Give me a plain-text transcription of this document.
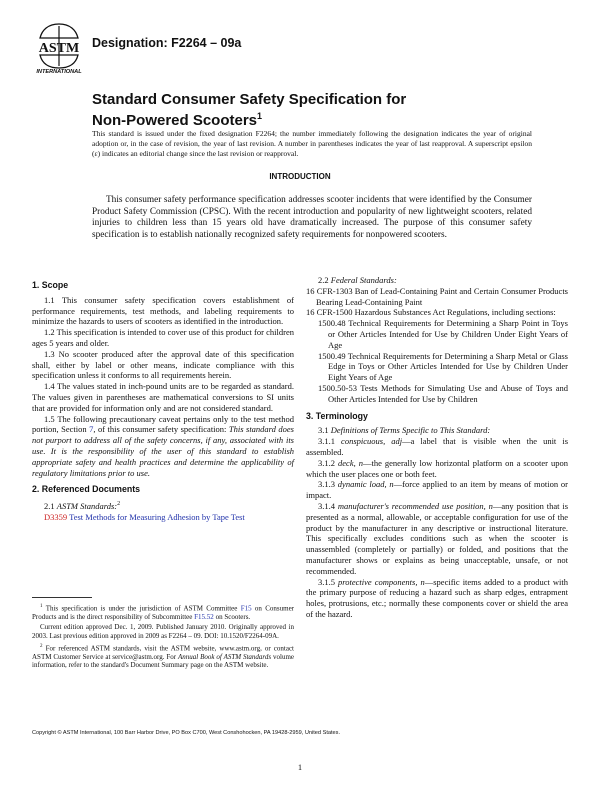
ASTM
INTERNATIONAL
Designation: F2264 – 09a
Standard Consumer Safety Specification for
Non-Powered Scooters$^1$

This standard is issued under the fixed designation F2264; the number immediately following the designation indicates the year of original adoption or, in the case of revision, the year of last revision. A number in parentheses indicates the year of last reapproval. A superscript epsilon (ε) indicates an editorial change since the last revision or reapproval.

INTRODUCTION

This consumer safety performance specification addresses scooter incidents that were identified by the Consumer Product Safety Commission (CPSC). With the recent introduction and popularity of new lightweight scooters, related injuries to children less than 15 years old have dramatically increased. The purpose of this consumer safety specification is to establish nationally recognized safety requirements for nonpowered scooters.

1. Scope

1.1 This consumer safety specification covers establishment of performance requirements, test methods, and labeling requirements to minimize the hazards to users of scooters as identified in the introduction.

1.2 This specification is intended to cover use of this product for children ages 5 years and older.

1.3 No scooter produced after the approval date of this specification shall, either by label or other means, indicate compliance with this specification unless it conforms to all requirements herein.

1.4 The values stated in inch-pound units are to be regarded as standard. The values given in parentheses are mathematical conversions to SI units that are provided for information only and are not considered standard.

1.5 The following precautionary caveat pertains only to the test method portion, Section 7, of this consumer safety specification: This standard does not purport to address all of the safety concerns, if any, associated with its use. It is the responsibility of the user of this standard to establish appropriate safety and health practices and determine the applicability of regulatory limitations prior to use.

2. Referenced Documents

2.1 ASTM Standards:$^2$

D3359 Test Methods for Measuring Adhesion by Tape Test

$^1$ This specification is under the jurisdiction of ASTM Committee F15 on Consumer Products and is the direct responsibility of Subcommittee F15.52 on Scooters.

Current edition approved Dec. 1, 2009. Published January 2010. Originally approved in 2003. Last previous edition approved in 2009 as F2264 – 09. DOI: 10.1520/F2264-09A.

$^2$ For referenced ASTM standards, visit the ASTM website, www.astm.org, or contact ASTM Customer Service at service@astm.org. For Annual Book of ASTM Standards volume information, refer to the standard's Document Summary page on the ASTM website.

2.2 Federal Standards:

16 CFR-1303 Ban of Lead-Containing Paint and Certain Consumer Products Bearing Lead-Containing Paint

16 CFR-1500 Hazardous Substances Act Regulations, including sections:

1500.48 Technical Requirements for Determining a Sharp Point in Toys or Other Articles Intended for Use by Children Under Eight Years of Age

1500.49 Technical Requirements for Determining a Sharp Metal or Glass Edge in Toys or Other Articles Intended for Use by Children Under Eight Years of Age

1500.50-53 Tests Methods for Simulating Use and Abuse of Toys and Other Articles Intended for Use by Children

3. Terminology

3.1 Definitions of Terms Specific to This Standard:

3.1.1 conspicuous, adj—a label that is visible when the unit is assembled.

3.1.2 deck, n—the generally low horizontal platform on a scooter upon which the user places one or both feet.

3.1.3 dynamic load, n—force applied to an item by means of motion or impact.

3.1.4 manufacturer's recommended use position, n—any position that is presented as a normal, allowable, or acceptable configuration for use of the product by the manufacturer in any descriptive or instructional literature. This specifically excludes conditions such as when the scooter is unassembled (completely or partially) or folded, and positions that the manufacturer shows or explains as being unacceptable, unsafe, or not recommended.

3.1.5 protective components, n—specific items added to a product with the primary purpose of reducing a hazard such as sharp edges, entrapment holes, protrusions, etc.; normally these components cover or shield the area of the hazard.

Copyright © ASTM International, 100 Barr Harbor Drive, PO Box C700, West Conshohocken, PA 19428-2959, United States.
1
